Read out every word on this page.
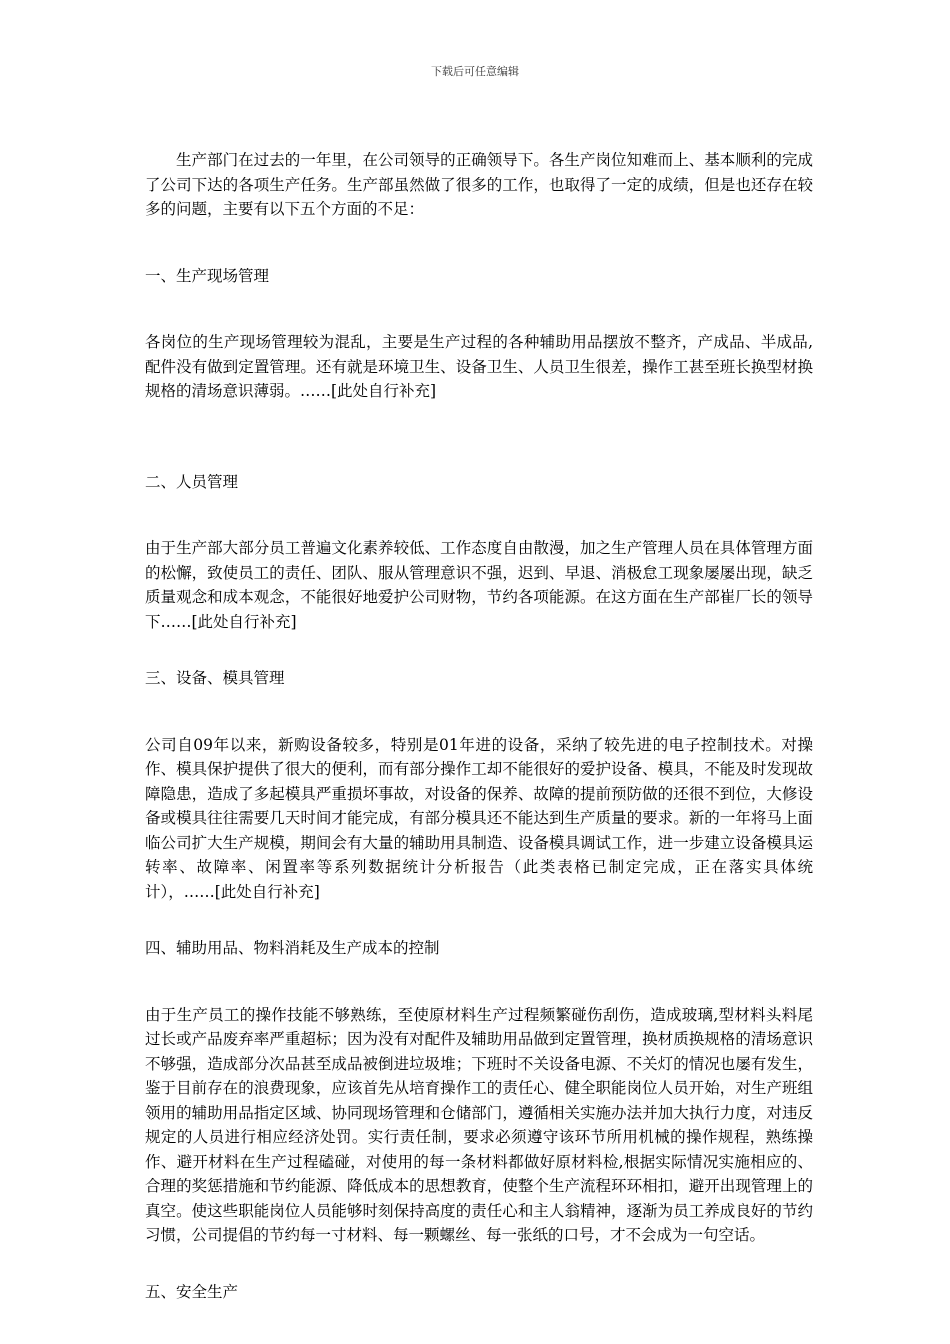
下载后可任意编辑

生产部门在过去的一年里，在公司领导的正确领导下。各生产岗位知难而上、基本顺利的完成了公司下达的各项生产任务。生产部虽然做了很多的工作，也取得了一定的成绩，但是也还存在较多的问题，主要有以下五个方面的不足：

一、生产现场管理

各岗位的生产现场管理较为混乱，主要是生产过程的各种辅助用品摆放不整齐，产成品、半成品,配件没有做到定置管理。还有就是环境卫生、设备卫生、人员卫生很差，操作工甚至班长换型材换规格的清场意识薄弱。……[此处自行补充]

二、人员管理

由于生产部大部分员工普遍文化素养较低、工作态度自由散漫，加之生产管理人员在具体管理方面的松懈，致使员工的责任、团队、服从管理意识不强，迟到、早退、消极怠工现象屡屡出现，缺乏质量观念和成本观念，不能很好地爱护公司财物，节约各项能源。在这方面在生产部崔厂长的领导下……[此处自行补充]

三、设备、模具管理

公司自09年以来，新购设备较多，特别是01年进的设备，采纳了较先进的电子控制技术。对操作、模具保护提供了很大的便利，而有部分操作工却不能很好的爱护设备、模具，不能及时发现故障隐患，造成了多起模具严重损坏事故，对设备的保养、故障的提前预防做的还很不到位，大修设备或模具往往需要几天时间才能完成，有部分模具还不能达到生产质量的要求。新的一年将马上面临公司扩大生产规模，期间会有大量的辅助用具制造、设备模具调试工作，进一步建立设备模具运转率、故障率、闲置率等系列数据统计分析报告（此类表格已制定完成，正在落实具体统计），……[此处自行补充]

四、辅助用品、物料消耗及生产成本的控制

由于生产员工的操作技能不够熟练，至使原材料生产过程频繁碰伤刮伤，造成玻璃,型材料头料尾过长或产品废弃率严重超标；因为没有对配件及辅助用品做到定置管理，换材质换规格的清场意识不够强，造成部分次品甚至成品被倒进垃圾堆；下班时不关设备电源、不关灯的情况也屡有发生，鉴于目前存在的浪费现象，应该首先从培育操作工的责任心、健全职能岗位人员开始，对生产班组领用的辅助用品指定区域、协同现场管理和仓储部门，遵循相关实施办法并加大执行力度，对违反规定的人员进行相应经济处罚。实行责任制，要求必须遵守该环节所用机械的操作规程，熟练操作、避开材料在生产过程磕碰，对使用的每一条材料都做好原材料检,根据实际情况实施相应的、合理的奖惩措施和节约能源、降低成本的思想教育，使整个生产流程环环相扣，避开出现管理上的真空。使这些职能岗位人员能够时刻保持高度的责任心和主人翁精神，逐渐为员工养成良好的节约习惯，公司提倡的节约每一寸材料、每一颗螺丝、每一张纸的口号，才不会成为一句空话。

五、安全生产
